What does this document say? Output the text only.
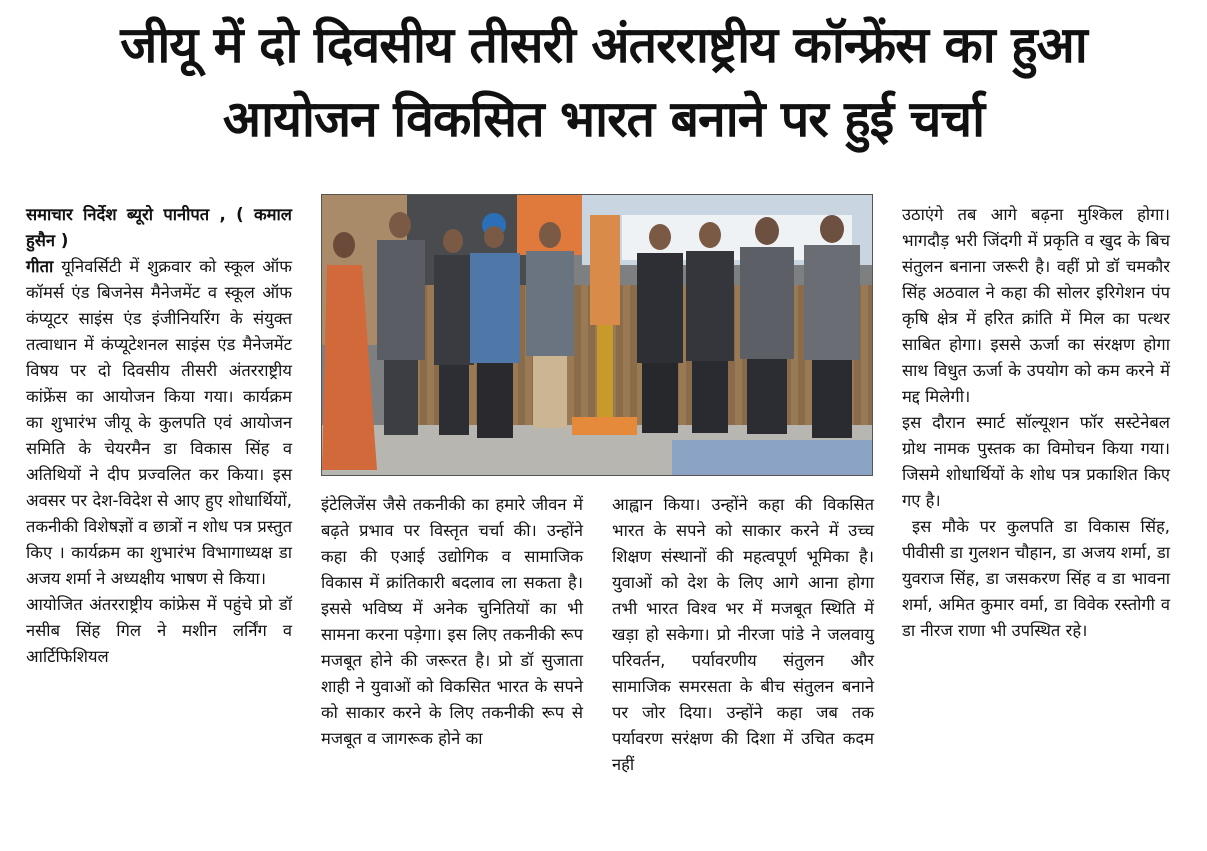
जीयू में दो दिवसीय तीसरी अंतरराष्ट्रीय कॉन्फ्रेंस का हुआ
आयोजन विकसित भारत बनाने पर हुई चर्चा

समाचार निर्देश ब्यूरो पानीपत , ( कमाल हुसैन )

गीता यूनिवर्सिटी में शुक्रवार को स्कूल ऑफ कॉमर्स एंड बिजनेस मैनेजमेंट व स्कूल ऑफ कंप्यूटर साइंस एंड इंजीनियरिंग के संयुक्त तत्वाधान में कंप्यूटेशनल साइंस एंड मैनेजमेंट विषय पर दो दिवसीय तीसरी अंतरराष्ट्रीय कांफ्रेंस का आयोजन किया गया। कार्यक्रम का शुभारंभ जीयू के कुलपति एवं आयोजन समिति के चेयरमैन डा विकास सिंह व अतिथियों ने दीप प्रज्वलित कर किया। इस अवसर पर देश-विदेश से आए हुए शोधार्थियों, तकनीकी विशेषज्ञों व छात्रों न शोध पत्र प्रस्तुत किए । कार्यक्रम का शुभारंभ विभागाध्यक्ष डा अजय शर्मा ने अध्यक्षीय भाषण से किया।

आयोजित अंतरराष्ट्रीय कांफ्रेस में पहुंचे प्रो डॉ नसीब सिंह गिल ने मशीन लर्निंग व आर्टिफिशियल

इंटेलिजेंस जैसे तकनीकी का हमारे जीवन में बढ़ते प्रभाव पर विस्तृत चर्चा की। उन्होंने कहा की एआई उद्योगिक व सामाजिक विकास में क्रांतिकारी बदलाव ला सकता है। इससे भविष्य में अनेक चुनितियों का भी सामना करना पड़ेगा। इस लिए तकनीकी रूप मजबूत होने की जरूरत है। प्रो डॉ सुजाता शाही ने युवाओं को विकसित भारत के सपने को साकार करने के लिए तकनीकी रूप से मजबूत व जागरूक होने का

आह्वान किया। उन्होंने कहा की विकसित भारत के सपने को साकार करने में उच्च शिक्षण संस्थानों की महत्वपूर्ण भूमिका है। युवाओं को देश के लिए आगे आना होगा तभी भारत विश्व भर में मजबूत स्थिति में खड़ा हो सकेगा। प्रो नीरजा पांडे ने जलवायु परिवर्तन, पर्यावरणीय संतुलन और सामाजिक समरसता के बीच संतुलन बनाने पर जोर दिया। उन्होंने कहा जब तक पर्यावरण सरंक्षण की दिशा में उचित कदम नहीं

उठाएंगे तब आगे बढ़ना मुश्किल होगा। भागदौड़ भरी जिंदगी में प्रकृति व खुद के बिच संतुलन बनाना जरूरी है। वहीं प्रो डॉ चमकौर सिंह अठवाल ने कहा की सोलर इरिगेशन पंप कृषि क्षेत्र में हरित क्रांति में मिल का पत्थर साबित होगा। इससे ऊर्जा का संरक्षण होगा साथ विधुत ऊर्जा के उपयोग को कम करने में मद्द मिलेगी।

इस दौरान स्मार्ट सॉल्यूशन फॉर सस्टेनेबल ग्रोथ नामक पुस्तक का विमोचन किया गया। जिसमे शोधार्थियों के शोध पत्र प्रकाशित किए गए है।

इस मौके पर कुलपति डा विकास सिंह, पीवीसी डा गुलशन चौहान, डा अजय शर्मा, डा युवराज सिंह, डा जसकरण सिंह व डा भावना शर्मा, अमित कुमार वर्मा, डा विवेक रस्तोगी व डा नीरज राणा भी उपस्थित रहे।
